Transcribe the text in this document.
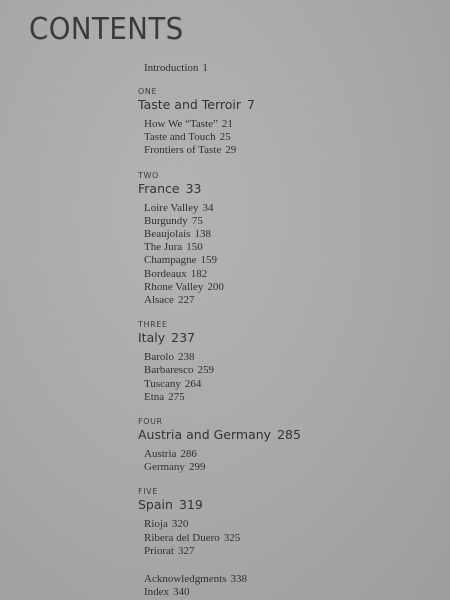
CONTENTS
Introduction 1
ONE
Taste and Terroir 7
How We “Taste” 21
Taste and Touch 25
Frontiers of Taste 29
TWO
France 33
Loire Valley 34
Burgundy 75
Beaujolais 138
The Jura 150
Champagne 159
Bordeaux 182
Rhone Valley 200
Alsace 227
THREE
Italy 237
Barolo 238
Barbaresco 259
Tuscany 264
Etna 275
FOUR
Austria and Germany 285
Austria 286
Germany 299
FIVE
Spain 319
Rioja 320
Ribera del Duero 325
Priorat 327
Acknowledgments 338
Index 340
